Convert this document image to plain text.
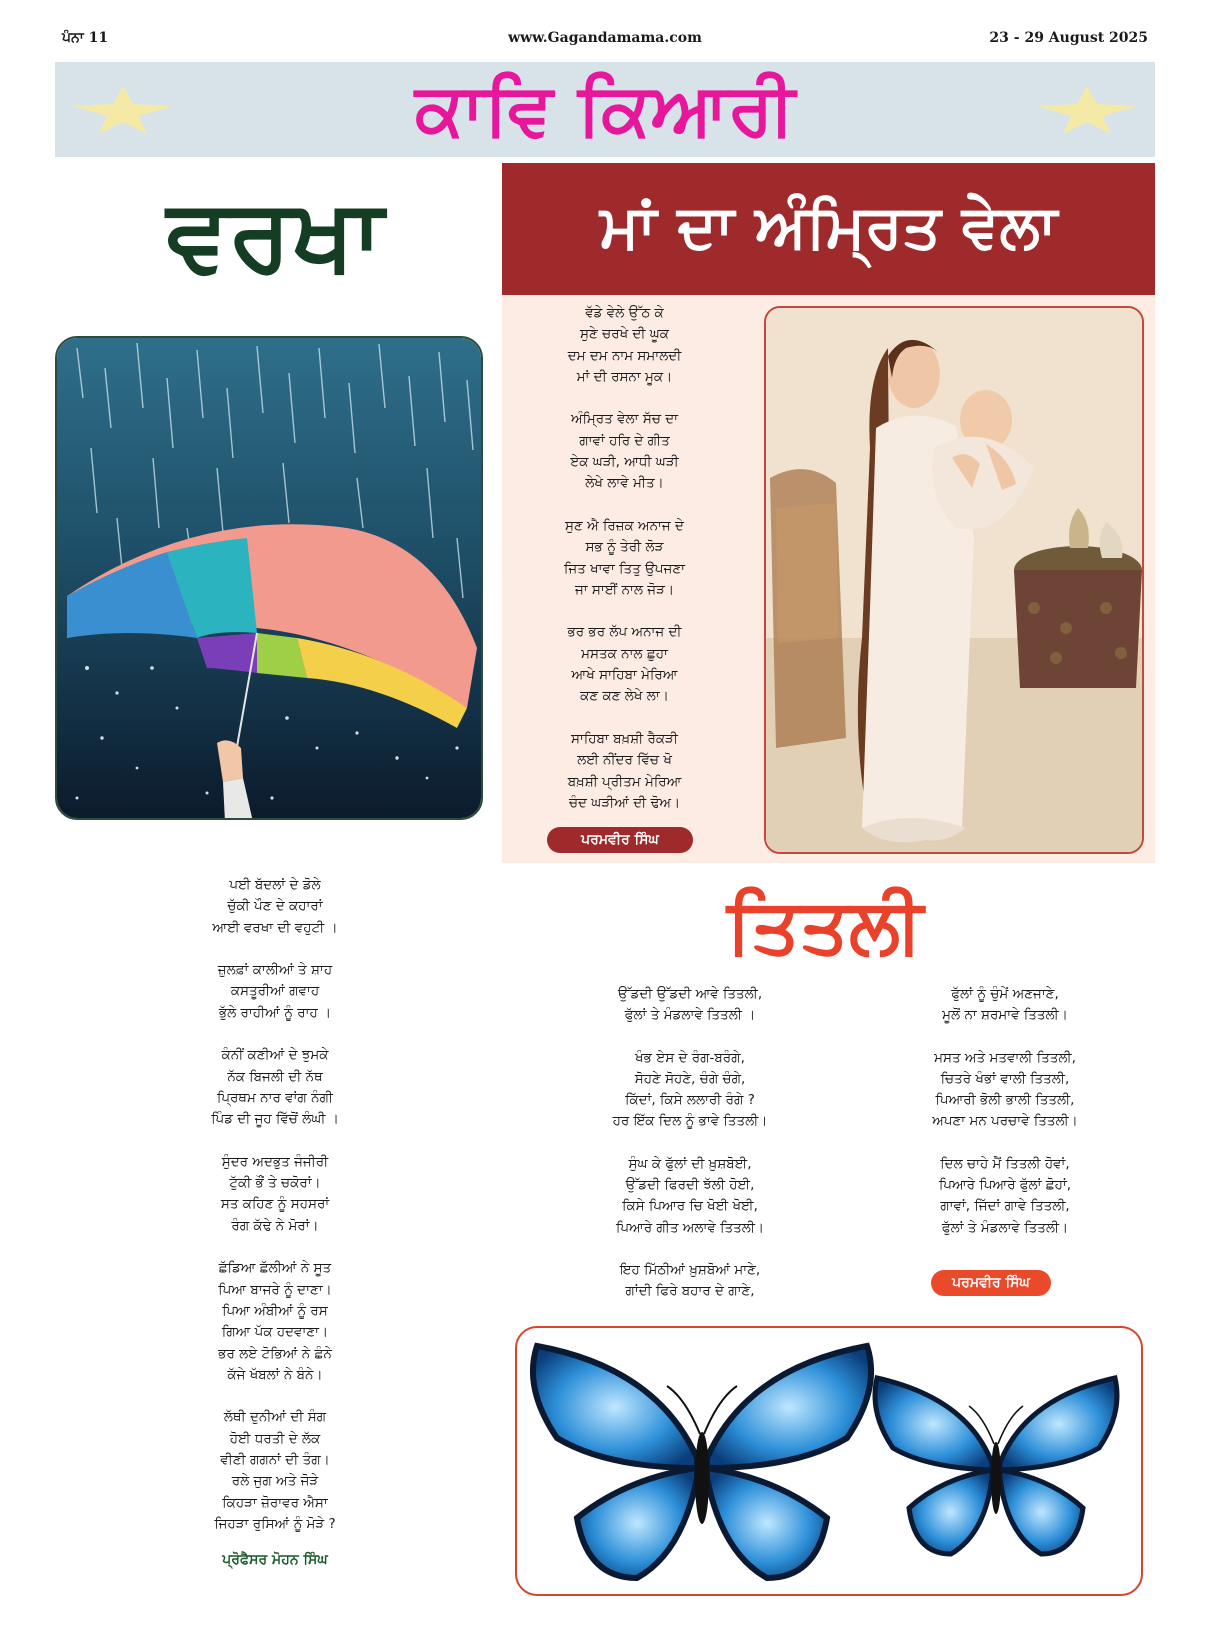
ਪੰਨਾ 11	www.Gagandamama.com	23 - 29 August 2025
ਕਾਵਿ ਕਿਆਰੀ
ਵਰਖਾ	ਮਾਂ ਦਾ ਅੰਮ੍ਰਿਤ ਵੇਲਾ
ਵੱਡੇ ਵੇਲੇ ਉੱਠ ਕੇ
ਸੁਣੇ ਚਰਖੇ ਦੀ ਘੂਕ
ਦਮ ਦਮ ਨਾਮ ਸਮਾਲਦੀ
ਮਾਂ ਦੀ ਰਸਨਾ ਮੂਕ।
ਅੰਮ੍ਰਿਤ ਵੇਲਾ ਸੱਚ ਦਾ
ਗਾਵਾਂ ਹਰਿ ਦੇ ਗੀਤ
ਏਕ ਘੜੀ, ਆਧੀ ਘੜੀ
ਲੇਖੇ ਲਾਵੇ ਮੀਤ।
ਸੁਣ ਐ ਰਿਜ਼ਕ ਅਨਾਜ ਦੇ
ਸਭ ਨੂੰ ਤੇਰੀ ਲੋੜ
ਜਿਤ ਖਾਵਾ ਤਿਤੁ ਉਪਜਣਾ
ਜਾ ਸਾਈਂ ਨਾਲ ਜੋੜ।
ਭਰ ਭਰ ਲੱਪ ਅਨਾਜ ਦੀ
ਮਸਤਕ ਨਾਲ ਛੁਹਾ
ਆਖੇ ਸਾਹਿਬਾ ਮੇਰਿਆ
ਕਣ ਕਣ ਲੇਖੇ ਲਾ।
ਸਾਹਿਬਾ ਬਖ਼ਸ਼ੀ ਰੈਕੜੀ
ਲਈ ਨੀਂਦਰ ਵਿੱਚ ਖੋ
ਬਖ਼ਸ਼ੀ ਪ੍ਰੀਤਮ ਮੇਰਿਆ
ਚੰਦ ਘੜੀਆਂ ਦੀ ਢੋਅ।
ਪਰਮਵੀਰ ਸਿੰਘ
ਪਈ ਬੱਦਲਾਂ ਦੇ ਡੋਲੇ
ਚੁੱਕੀ ਪੌਣ ਦੇ ਕਹਾਰਾਂ
ਆਈ ਵਰਖਾ ਦੀ ਵਹੁਟੀ ।
ਜ਼ੁਲਫ਼ਾਂ ਕਾਲੀਆਂ ਤੇ ਸ਼ਾਹ
ਕਸਤੂਰੀਆਂ ਗਵਾਹ
ਭੁੱਲੇ ਰਾਹੀਆਂ ਨੂੰ ਰਾਹ ।
ਕੰਨੀਂ ਕਣੀਆਂ ਦੇ ਝੁਮਕੇ
ਨੱਕ ਬਿਜਲੀ ਦੀ ਨੱਥ
ਪ੍ਰਿਥਮ ਨਾਰ ਵਾਂਗ ਨੰਗੀ
ਪਿੰਡ ਦੀ ਜੂਹ ਵਿੱਚੋਂ ਲੰਘੀ ।
ਸੁੰਦਰ ਅਦਭੁਤ ਜੰਜੀਰੀ
ਟੁੱਕੀ ਭੌਂ ਤੇ ਚਕੋਰਾਂ।
ਸਤ ਕਹਿਣ ਨੂੰ ਸਹਸਰਾਂ
ਰੰਗ ਕੱਢੇ ਨੇ ਮੋਰਾਂ।
ਛੱਡਿਆ ਛੱਲੀਆਂ ਨੇ ਸੂਤ
ਪਿਆ ਬਾਜਰੇ ਨੂੰ ਦਾਣਾ।
ਪਿਆ ਅੰਬੀਆਂ ਨੂੰ ਰਸ
ਗਿਆ ਪੱਕ ਹਦਵਾਣਾ।
ਭਰ ਲਏ ਟੋਭਿਆਂ ਨੇ ਛੰਨੇ
ਕੱਜੇ ਖੱਬਲਾਂ ਨੇ ਬੰਨੇ।
ਲੱਥੀ ਦੁਨੀਆਂ ਦੀ ਸੰਗ
ਹੋਈ ਧਰਤੀ ਦੇ ਲੱਕ
ਵੀਣੀ ਗਗਨਾਂ ਦੀ ਤੰਗ।
ਰਲੇ ਜੁਗ ਅਤੇ ਜੋੜੇ
ਕਿਹੜਾ ਜ਼ੋਰਾਵਰ ਐਸਾ
ਜਿਹੜਾ ਰੁਸਿਆਂ ਨੂੰ ਮੋੜੇ ?
ਪ੍ਰੋਫੈਸਰ ਮੋਹਨ ਸਿੰਘ
ਤਿਤਲੀ
ਉੱਡਦੀ ਉੱਡਦੀ ਆਵੇ ਤਿਤਲੀ,
ਫੁੱਲਾਂ ਤੇ ਮੰਡਲਾਵੇ ਤਿਤਲੀ ।
ਖੰਭ ਏਸ ਦੇ ਰੰਗ-ਬਰੰਗੇ,
ਸੋਹਣੇ ਸੋਹਣੇ, ਚੰਗੇ ਚੰਗੇ,
ਕਿੱਦਾਂ, ਕਿਸੇ ਲਲਾਰੀ ਰੰਗੇ ?
ਹਰ ਇੱਕ ਦਿਲ ਨੂੰ ਭਾਵੇ ਤਿਤਲੀ।
ਸੁੰਘ ਕੇ ਫੁੱਲਾਂ ਦੀ ਖ਼ੁਸ਼ਬੋਈ,
ਉੱਡਦੀ ਫਿਰਦੀ ਝੱਲੀ ਹੋਈ,
ਕਿਸੇ ਪਿਆਰ ਚਿ ਖੋਈ ਖੋਈ,
ਪਿਆਰੇ ਗੀਤ ਅਲਾਵੇ ਤਿਤਲੀ।
ਇਹ ਮਿੱਠੀਆਂ ਖ਼ੁਸ਼ਬੋਆਂ ਮਾਣੇ,
ਗਾਂਦੀ ਫਿਰੇ ਬਹਾਰ ਦੇ ਗਾਣੇ,
ਫੁੱਲਾਂ ਨੂੰ ਚੁੰਮੇਂ ਅਣਜਾਣੇ,
ਮੂਲੋਂ ਨਾ ਸ਼ਰਮਾਵੇ ਤਿਤਲੀ।
ਮਸਤ ਅਤੇ ਮਤਵਾਲੀ ਤਿਤਲੀ,
ਚਿਤਰੇ ਖੰਭਾਂ ਵਾਲੀ ਤਿਤਲੀ,
ਪਿਆਰੀ ਭੋਲੀ ਭਾਲੀ ਤਿਤਲੀ,
ਅਪਣਾ ਮਨ ਪਰਚਾਵੇ ਤਿਤਲੀ।
ਦਿਲ ਚਾਹੇ ਮੈਂ ਤਿਤਲੀ ਹੋਵਾਂ,
ਪਿਆਰੇ ਪਿਆਰੇ ਫੁੱਲਾਂ ਛੋਹਾਂ,
ਗਾਵਾਂ, ਜਿੱਦਾਂ ਗਾਵੇ ਤਿਤਲੀ,
ਫੁੱਲਾਂ ਤੇ ਮੰਡਲਾਵੇ ਤਿਤਲੀ।
ਪਰਮਵੀਰ ਸਿੰਘ
